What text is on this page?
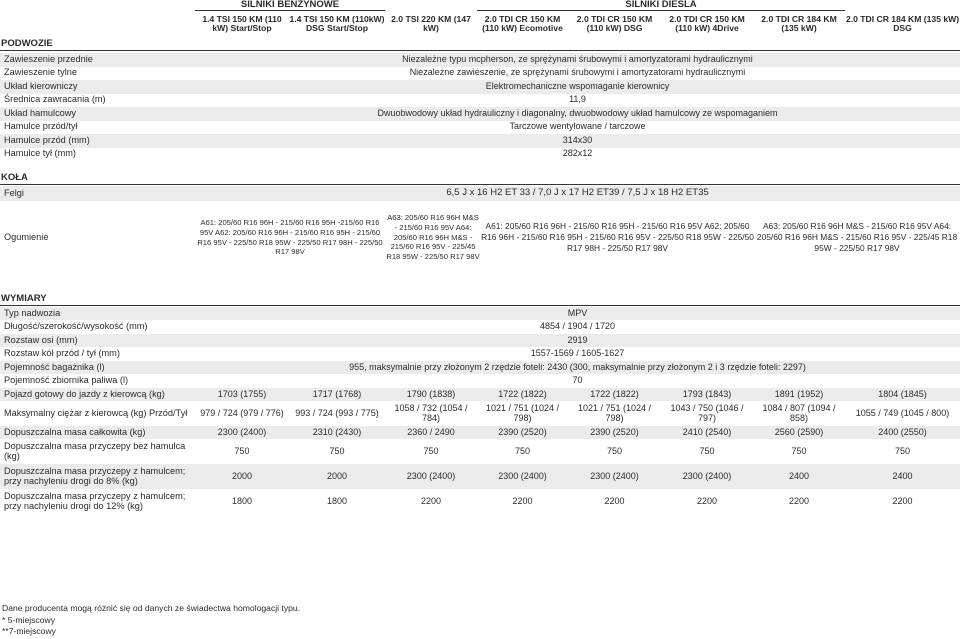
	SILNIKI BENZYNOWE			SILNIKI DIESLA				
	1.4 TSI 150 KM (110 kW) Start/Stop	1.4 TSI 150 KM (110kW) DSG Start/Stop	2.0 TSI 220 KM (147 kW)	2.0 TDI CR 150 KM (110 kW) Ecomotive	2.0 TDI CR 150 KM (110 kW) DSG	2.0 TDI CR 150 KM (110 kW) 4Drive	2.0 TDI CR 184 KM (135 kW)	2.0 TDI CR 184 KM (135 kW) DSG
PODWOZIE
Zawieszenie przednie	Niezależne typu mcpherson, ze sprężynami śrubowymi i amortyzatorami hydraulicznymi
Zawieszenie tylne	Niezależne zawieszenie, ze sprężynami śrubowymi i amortyzatorami hydraulicznymi
Układ kierowniczy	Elektromechaniczne wspomaganie kierownicy
Średnica zawracania (m)	11,9
Układ hamulcowy	Dwuobwodowy układ hydrauliczny i diagonalny, dwuobwodowy układ hamulcowy ze wspomaganiem
Hamulce przód/tył	Tarczowe wentylowane / tarczowe
Hamulce przód (mm)	314x30
Hamulce tył (mm)	282x12
KOŁA
Felgi	6,5 J x 16 H2 ET 33 / 7,0 J x 17 H2 ET39 / 7,5 J x 18 H2 ET35			
Ogumienie	A61: 205/60 R16 96H - 215/60 R16 95H -215/60 R16 95V A62: 205/60 R16 96H - 215/60 R16 95H - 215/60 R16 95V - 225/50 R18 95W - 225/50 R17 98H - 225/50 R17 98V	A63: 205/60 R16 96H M&S - 215/60 R16 95V A64: 205/60 R16 96H M&S - 215/60 R16 95V - 225/45 R18 95W - 225/50 R17 98V	A61: 205/60 R16 96H - 215/60 R16 95H - 215/60 R16 95V A62: 205/60 R16 96H - 215/60 R16 95H - 215/60 R16 95V - 225/50 R18 95W - 225/50 R17 98H - 225/50 R17 98V	A63: 205/60 R16 96H M&S - 215/60 R16 95V A64: 205/60 R16 96H M&S - 215/60 R16 95V - 225/45 R18 95W - 225/50 R17 98V
WYMIARY
Typ nadwozia	MPV							
Długość/szerokość/wysokość (mm)	4854 / 1904 / 1720							
Rozstaw osi (mm)	2919							
Rozstaw kół przód / tył (mm)	1557-1569 / 1605-1627							
Pojemność bagażnika (l)	955, maksymalnie przy złożonym 2 rzędzie foteli: 2430 (300, maksymalnie przy złożonym 2 i 3 rzędzie foteli: 2297)							
Pojemność zbiornika paliwa (l)	70							
Pojazd gotowy do jazdy z kierowcą (kg)	1703 (1755)	1717 (1768)	1790 (1838)	1722 (1822)	1722 (1822)	1793 (1843)	1891 (1952)	1804 (1845)
Maksymalny ciężar z kierowcą (kg) Przód/Tył	979 / 724 (979 / 776)	993 / 724 (993 / 775)	1058 / 732 (1054 / 784)	1021 / 751 (1024 / 798)	1021 / 751 (1024 / 798)	1043 / 750 (1046 / 797)	1084 / 807 (1094 / 858)	1055 / 749 (1045 / 800)
Dopuszczalna masa całkowita (kg)	2300 (2400)	2310 (2430)	2360 / 2490	2390 (2520)	2390 (2520)	2410 (2540)	2560 (2590)	2400 (2550)
Dopuszczalna masa przyczepy bez hamulca (kg)	750	750	750	750	750	750	750	750
Dopuszczalna masa przyczepy z hamulcem; przy nachyleniu drogi do 8% (kg)	2000	2000	2300 (2400)	2300 (2400)	2300 (2400)	2300 (2400)	2400	2400
Dopuszczalna masa przyczepy z hamulcem; przy nachyleniu drogi do 12% (kg)	1800	1800	2200	2200	2200	2200	2200	2200
Dane producenta mogą różnić się od danych ze świadectwa homologacji typu.
* 5-miejscowy
**7-miejscowy
